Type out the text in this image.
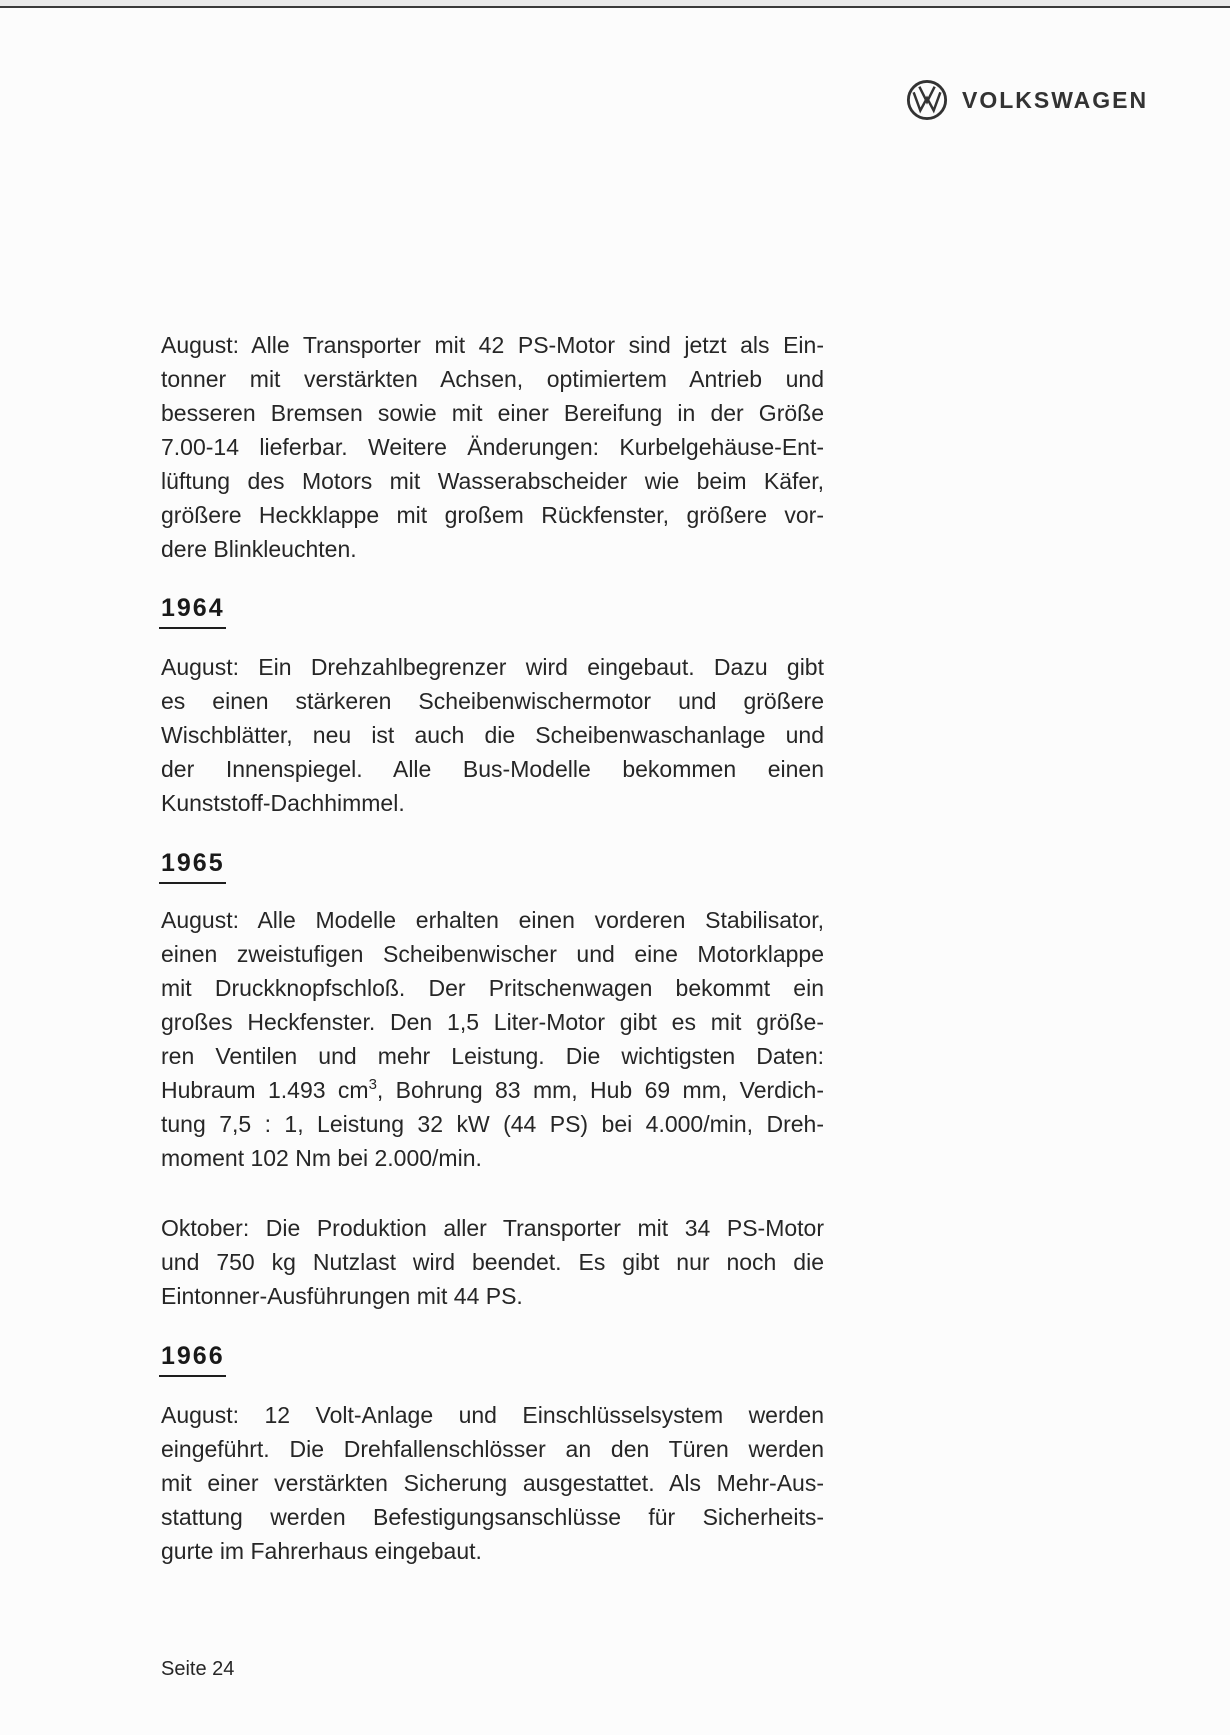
VOLKSWAGEN
August: Alle Transporter mit 42 PS-Motor sind jetzt als Ein-
tonner mit verstärkten Achsen, optimiertem Antrieb und
besseren Bremsen sowie mit einer Bereifung in der Größe
7.00-14 lieferbar. Weitere Änderungen: Kurbelgehäuse-Ent-
lüftung des Motors mit Wasserabscheider wie beim Käfer,
größere Heckklappe mit großem Rückfenster, größere vor-
dere Blinkleuchten.
1964
August: Ein Drehzahlbegrenzer wird eingebaut. Dazu gibt
es einen stärkeren Scheibenwischermotor und größere
Wischblätter, neu ist auch die Scheibenwaschanlage und
der Innenspiegel. Alle Bus-Modelle bekommen einen
Kunststoff-Dachhimmel.
1965
August: Alle Modelle erhalten einen vorderen Stabilisator,
einen zweistufigen Scheibenwischer und eine Motorklappe
mit Druckknopfschloß. Der Pritschenwagen bekommt ein
großes Heckfenster. Den 1,5 Liter-Motor gibt es mit größe-
ren Ventilen und mehr Leistung. Die wichtigsten Daten:
Hubraum 1.493 $cm^3$, Bohrung 83 mm, Hub 69 mm, Verdich-
tung 7,5 : 1, Leistung 32 kW (44 PS) bei 4.000/min, Dreh-
moment 102 Nm bei 2.000/min.
Oktober: Die Produktion aller Transporter mit 34 PS-Motor
und 750 kg Nutzlast wird beendet. Es gibt nur noch die
Eintonner-Ausführungen mit 44 PS.
1966
August: 12 Volt-Anlage und Einschlüsselsystem werden
eingeführt. Die Drehfallenschlösser an den Türen werden
mit einer verstärkten Sicherung ausgestattet. Als Mehr-Aus-
stattung werden Befestigungsanschlüsse für Sicherheits-
gurte im Fahrerhaus eingebaut.
Seite 24
